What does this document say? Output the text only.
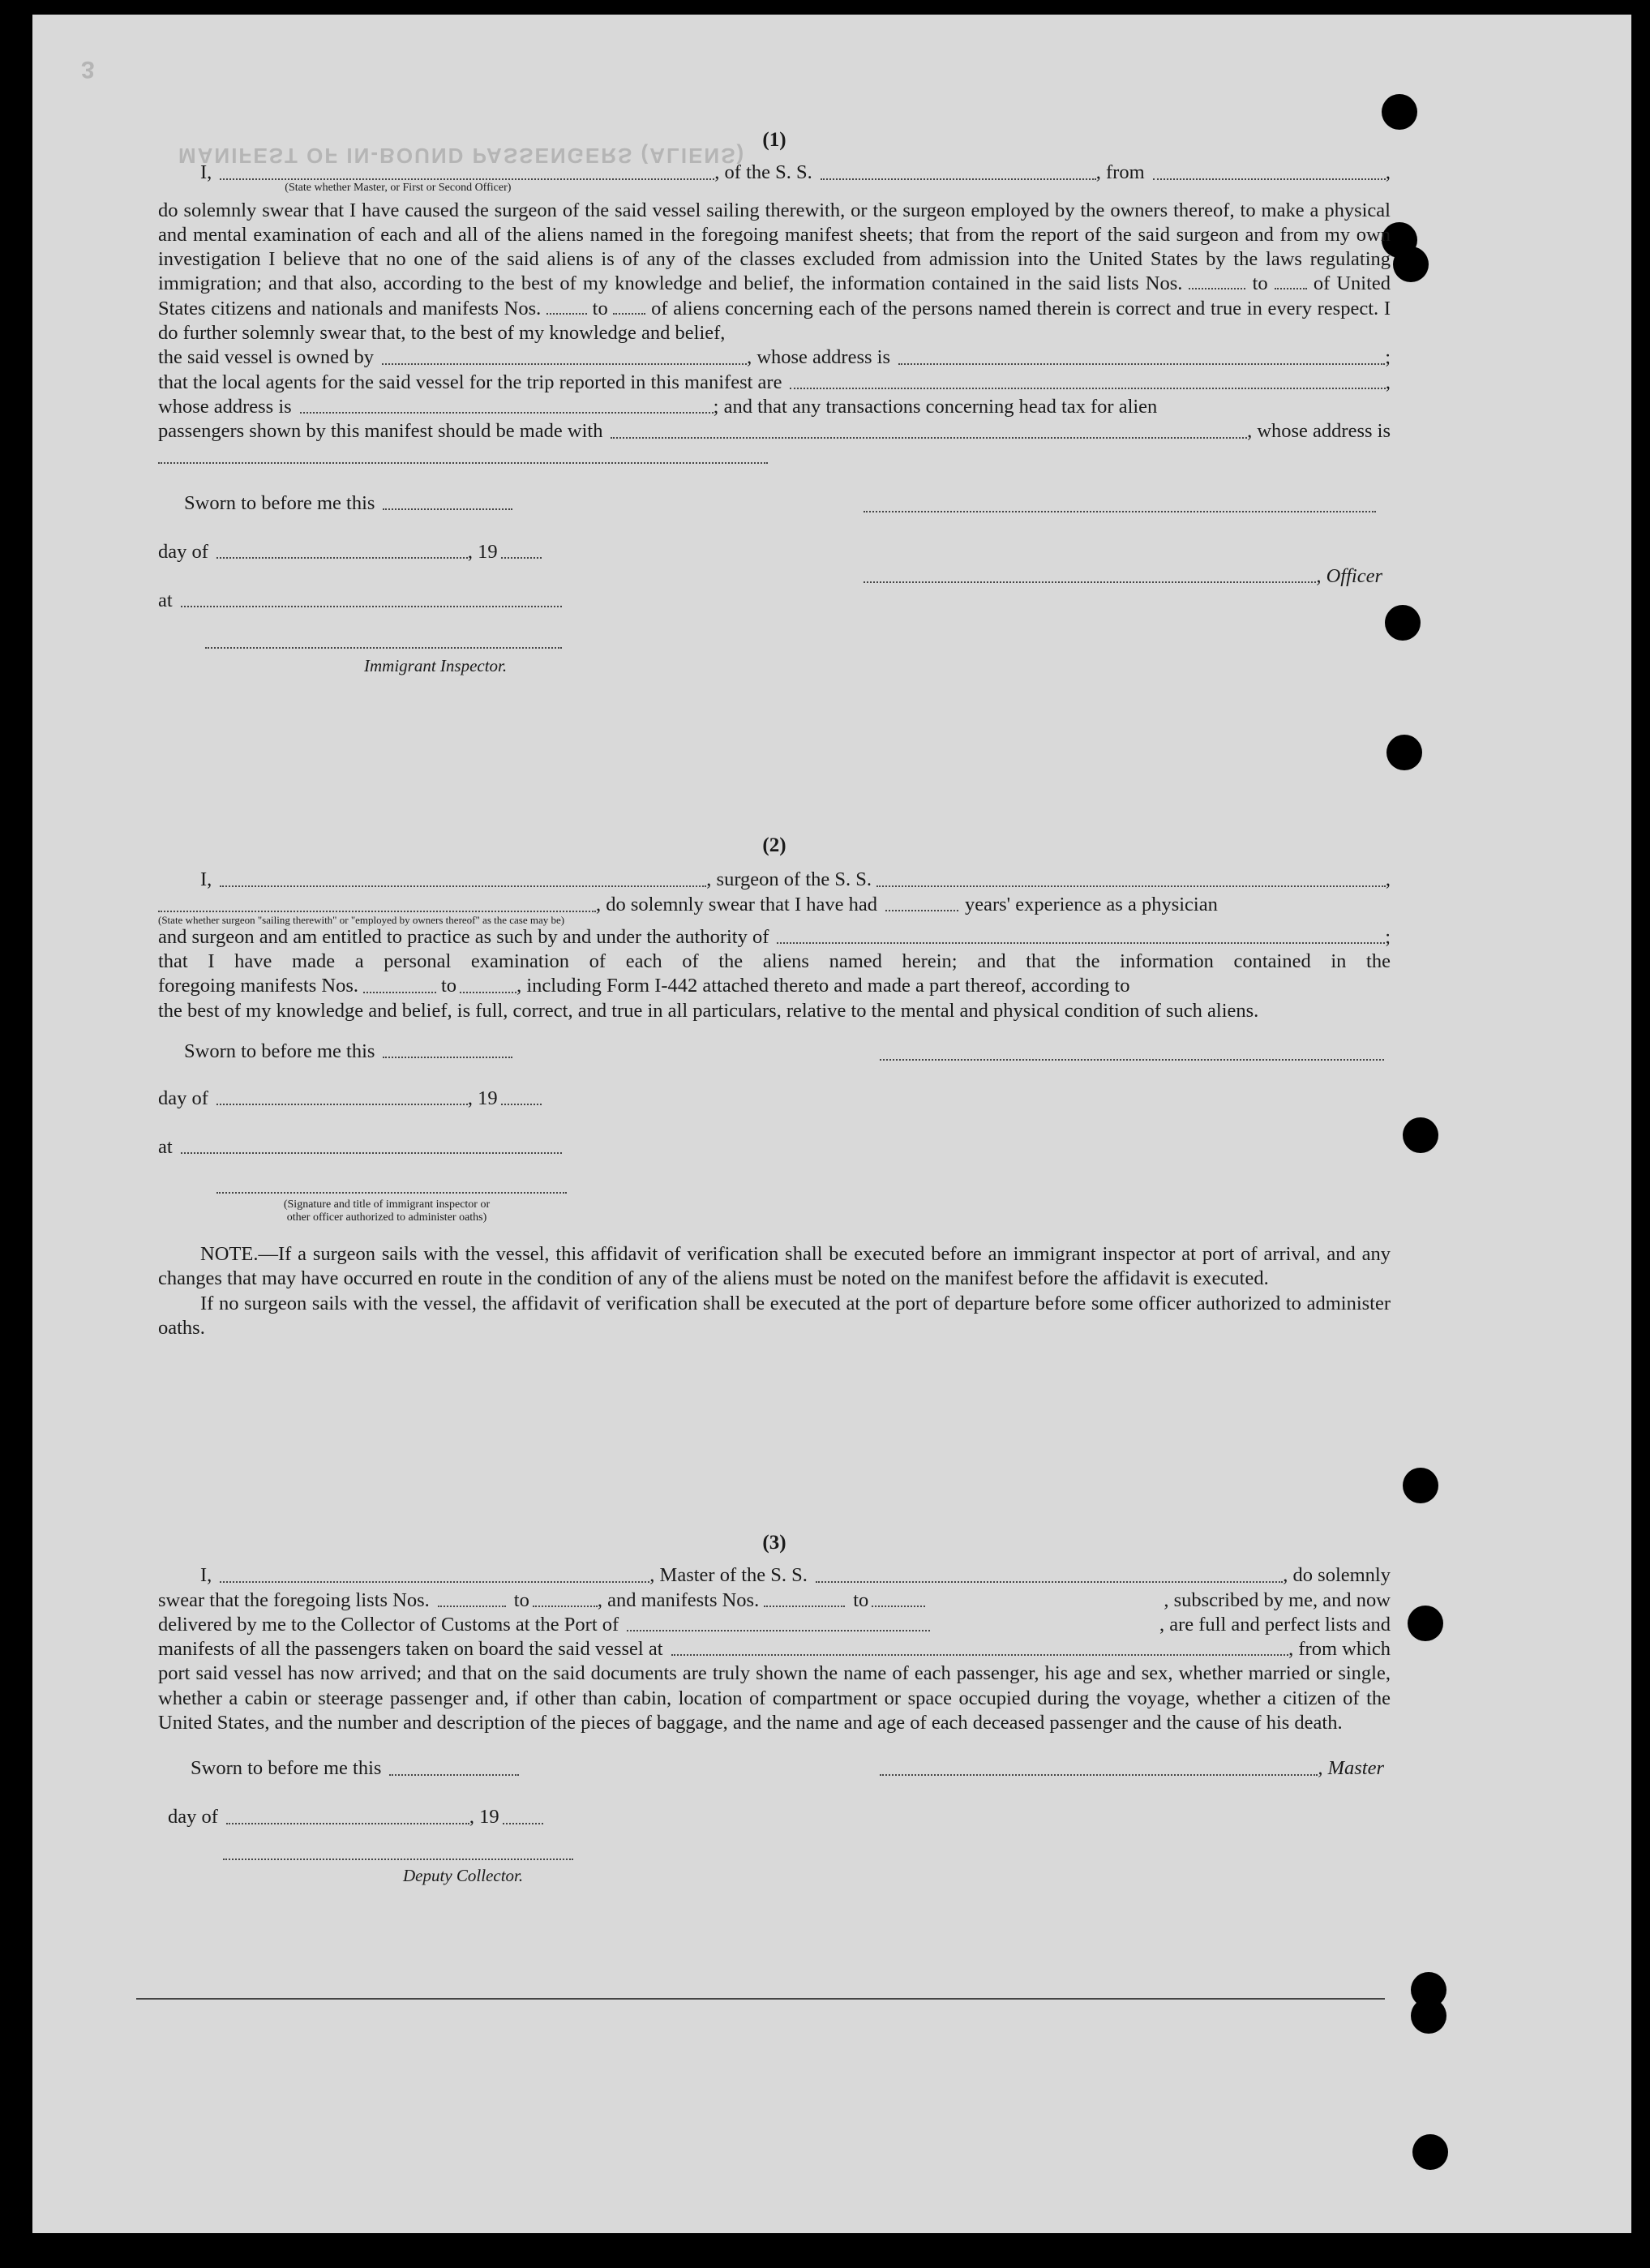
MANIFEST OF IN-BOUND PASSENGERS (ALIENS)
3
(1)
I,
(State whether Master, or First or Second Officer)
, of the S. S.	, from	,

do solemnly swear that I have caused the surgeon of the said vessel sailing therewith, or the surgeon employed by the owners thereof, to make a physical and mental examination of each and all of the aliens named in the foregoing manifest sheets; that from the report of the said surgeon and from my own investigation I believe that no one of the said aliens is of any of the classes excluded from admission into the United States by the laws regulating immigration; and that also, according to the best of my knowledge and belief, the information contained in the said lists Nos.	to of United States citizens and nationals and manifests Nos.	to of aliens concerning each of the persons named therein is correct and true in every respect. I do further solemnly swear that, to the best of my knowledge and belief,

the said vessel is owned by	, whose address is	;
that the local agents for the said vessel for the trip reported in this manifest are	,
whose address is	; and that any transactions concerning head tax for alien
passengers shown by this manifest should be made with	, whose address is
Sworn to before me this
day of	, 19
, Officer
at
Immigrant Inspector.
(2)
I,	, surgeon of the S. S.	,
(State whether surgeon "sailing therewith" or "employed by owners thereof" as the case may be)
, do solemnly swear that I have had	years' experience as a physician
and surgeon and am entitled to practice as such by and under the authority of	;

that I have made a personal examination of each of the aliens named herein; and that the information contained in the

foregoing manifests Nos.	to	, including Form I-442 attached thereto and made a part thereof, according to

the best of my knowledge and belief, is full, correct, and true in all particulars, relative to the mental and physical condition of such aliens.

Sworn to before me this
day of	, 19
at
(Signature and title of immigrant inspector or
other officer authorized to administer oaths)

NOTE.—If a surgeon sails with the vessel, this affidavit of verification shall be executed before an immigrant inspector at port of arrival, and any changes that may have occurred en route in the condition of any of the aliens must be noted on the manifest before the affidavit is executed.

If no surgeon sails with the vessel, the affidavit of verification shall be executed at the port of departure before some officer authorized to administer oaths.

(3)
I,	, Master of the S. S.	, do solemnly
swear that the foregoing lists Nos.	to	, and manifests Nos.	to	, subscribed by me, and now
delivered by me to the Collector of Customs at the Port of	, are full and perfect lists and
manifests of all the passengers taken on board the said vessel at	, from which

port said vessel has now arrived; and that on the said documents are truly shown the name of each passenger, his age and sex, whether married or single, whether a cabin or steerage passenger and, if other than cabin, location of compartment or space occupied during the voyage, whether a citizen of the United States, and the number and description of the pieces of baggage, and the name and age of each deceased passenger and the cause of his death.

Sworn to before me this	, Master
day of	, 19
Deputy Collector.
